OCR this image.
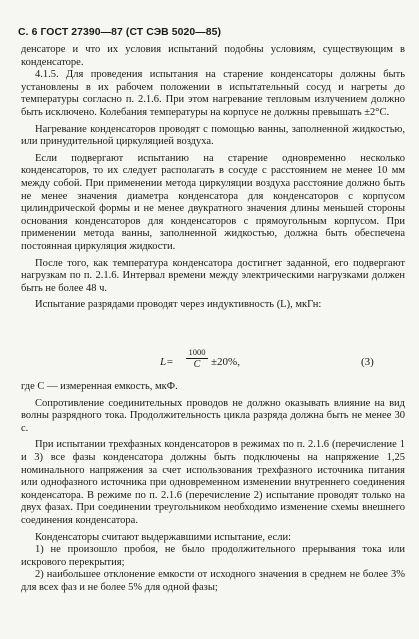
С. 6 ГОСТ 27390—87 (СТ СЭВ 5020—85)

денсаторе и что их условия испытаний подобны условиям, существующим в конденсаторе.

4.1.5. Для проведения испытания на старение конденсаторы должны быть установлены в их рабочем положении в испытательный сосуд и нагреты до температуры согласно п. 2.1.6. При этом нагревание тепловым излучением должно быть исключено. Колебания температуры на корпусе не должны превышать ±2°С.

Нагревание конденсаторов проводят с помощью ванны, заполненной жидкостью, или принудительной циркуляцией воздуха.

Если подвергают испытанию на старение одновременно несколько конденсаторов, то их следует располагать в сосуде с расстоянием не менее 10 мм между собой. При применении метода циркуляции воздуха расстояние должно быть не менее значения диаметра конденсатора для конденсаторов с корпусом цилиндрической формы и не менее двукратного значения длины меньшей стороны основания конденсаторов для конденсаторов с прямоугольным корпусом. При применении метода ванны, заполненной жидкостью, должна быть обеспечена постоянная циркуляция жидкости.

После того, как температура конденсатора достигнет заданной, его подвергают нагрузкам по п. 2.1.6. Интервал времени между электрическими нагрузками должен быть не более 48 ч.

Испытание разрядами проводят через индуктивность (L), мкГн:

L=
1000
C ±20%,	(3)

где C — измеренная емкость, мкФ.

Сопротивление соединительных проводов не должно оказывать влияние на вид волны разрядного тока. Продолжительность цикла разряда должна быть не менее 30 с.

При испытании трехфазных конденсаторов в режимах по п. 2.1.6 (перечисление 1 и 3) все фазы конденсатора должны быть подключены на напряжение 1,25 номинального напряжения за счет использования трехфазного источника питания или однофазного источника при одновременном изменении внутреннего соединения конденсатора. В режиме по п. 2.1.6 (перечисление 2) испытание проводят только на двух фазах. При соединении треугольником необходимо изменение схемы внешнего соединения конденсатора.

Конденсаторы считают выдержавшими испытание, если:

1) не произошло пробоя, не было продолжительного прерывания тока или искрового перекрытия;

2) наибольшее отклонение емкости от исходного значения в среднем не более 3% для всех фаз и не более 5% для одной фазы;
